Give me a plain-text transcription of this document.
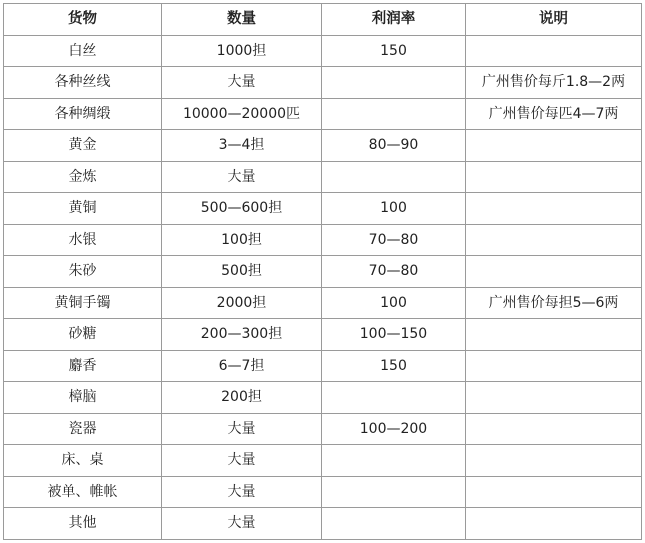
货物	数量	利润率	说明
白丝	1000担	150	
各种丝线	大量		广州售价每斤1.8—2两
各种绸缎	10000—20000匹		广州售价每匹4—7两
黄金	3—4担	80—90	
金炼	大量		
黄铜	500—600担	100	
水银	100担	70—80	
朱砂	500担	70—80	
黄铜手镯	2000担	100	广州售价每担5—6两
砂糖	200—300担	100—150	
麝香	6—7担	150	
樟脑	200担		
瓷器	大量	100—200	
床、桌	大量		
被单、帷帐	大量		
其他	大量		
